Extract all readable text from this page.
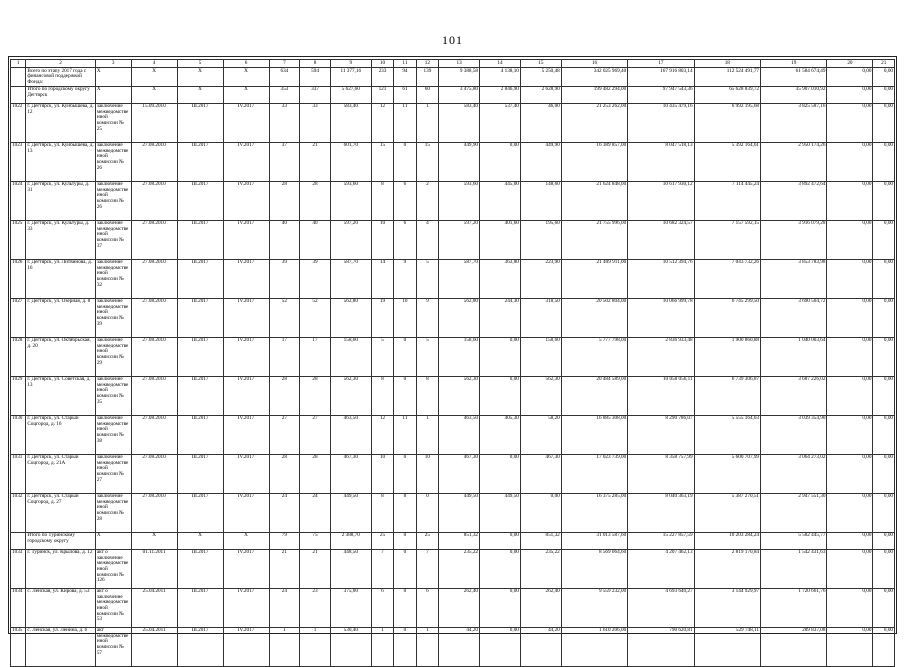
101
1	2	3	4	5	6	7	8	9	10	11	12	13	14	15	16	17	18	19	20	21
	Всего по этапу 2017 года с финансовой поддержкой Фонда:	X	X	X	X	634	594	11 377,16	233	94	139	9 388,58	4 138,10	5 250,48	342 025 969,40	167 916 803,14	112 524 491,77	61 584 674,49	0,00	0,00
	Итого по городскому округу Дегтярск	X	X	X	X	353	337	5 627,60	121	61	60	3 475,80	2 846,90	2 628,90	199 482 294,00	97 947 543,36	65 628 839,72	35 907 010,92	0,00	0,00
1022	г. Дегтярск, ул. Куйбышева, д. 12	заключение межведомственной комиссии № 25	15.09.2010	III.2017	IV.2017	33	33	583,40	12	11	1	583,40	537,40	46,00	21 253 262,00	10 435 479,16	6 992 195,68	3 825 587,16	0,00	0,00
1023	г. Дегтярск, ул. Куйбышева, д. 13	заключение межведомственной комиссии № 26	27.08.2010	III.2017	IV.2017	37	21	601,70	15	0	15	449,90	0,00	449,90	16 389 857,00	8 047 518,13	5 392 164,61	2 950 174,26	0,00	0,00
1024	г. Дегтярск, ул. Культуры, д. 31	заключение межведомственной комиссии № 26	27.08.2010	III.2017	IV.2017	28	28	593,60	8	6	2	593,60	445,00	148,60	21 624 848,00	10 617 930,12	7 114 445,24	3 892 472,64	0,00	0,00
1025	г. Дегтярск, ул. Культуры, д. 33	заключение межведомственной комиссии № 37	27.08.2010	III.2017	IV.2017	40	40	597,20	10	6	4	597,20	401,60	195,60	21 755 996,00	10 682 324,57	7 157 592,15	3 916 079,28	0,00	0,00
1026	г. Дегтярск, ул. Литвинова, д. 16	заключение межведомственной комиссии № 32	27.08.2010	III.2017	IV.2017	39	39	587,70	14	9	5	587,70	363,80	223,90	21 409 911,00	10 512 394,76	7 043 732,26	3 853 783,98	0,00	0,00
1027	г. Дегтярск, ул. Озерная, д. 8	заключение межведомственной комиссии № 39	27.08.2010	III.2017	IV.2017	52	52	562,80	19	10	9	562,80	244,30	318,50	20 502 804,00	10 066 999,78	6 745 299,50	3 690 504,72	0,00	0,00
1028	г. Дегтярск, ул. Октябрьская, д. 20	заключение межведомственной комиссии № 29	27.08.2010	III.2017	IV.2017	17	17	158,60	5	0	5	158,60	0,00	158,60	5 777 798,00	2 836 933,48	1 900 860,88	1 040 003,64	0,00	0,00
1029	г. Дегтярск, ул. Советская, д. 13	заключение межведомственной комиссии № 35	27.08.2010	III.2017	IV.2017	28	28	562,30	8	0	8	562,30	0,00	562,30	20 484 589,00	10 058 056,11	6 739 306,87	3 687 226,02	0,00	0,00
1030	г. Дегтярск, ул. Старый Соцгород, д. 16	заключение межведомственной комиссии № 38	27.08.2010	III.2017	IV.2017	27	27	463,50	12	11	1	463,50	405,30	58,20	16 885 308,00	8 290 786,07	5 555 164,03	3 039 354,90	0,00	0,00
1031	г. Дегтярск, ул. Старый Соцгород, д. 21А	заключение межведомственной комиссии № 27	27.08.2010	III.2017	IV.2017	28	28	467,30	10	0	10	467,30	0,00	467,30	17 023 739,00	8 358 757,99	5 600 707,99	3 064 273,02	0,00	0,00
1032	г. Дегтярск, ул. Старый Соцгород, д. 27	заключение межведомственной комиссии № 28	27.08.2010	III.2017	IV.2017	24	24	449,50	8	8	0	449,50	449,50	0,00	16 375 285,00	8 040 363,19	5 387 270,51	2 947 551,30	0,00	0,00
	Итого по Туринскому городскому округу	X	X	X	X	79	75	2 388,70	25	0	25	851,32	0,00	851,32	31 013 587,60	15 227 857,59	10 203 284,24	5 582 445,77	0,00	0,00
1033	г. Туринск, ул. Крылова, д. 12	акт о заключение межведомственной комиссии № 126	01.11.2011	III.2017	IV.2017	21	21	448,50	7	0	7	235,22	0,00	235,22	8 569 064,60	4 207 462,13	2 819 170,84	1 542 431,63	0,00	0,00
1034	с. Ленская, ул. Кирова, д. 53	акт о заключение межведомственной комиссии № 53	25.04.2011	III.2017	IV.2017	24	23	375,00	6	0	6	262,40	0,00	262,40	9 559 232,00	4 693 640,27	3 144 929,97	1 720 661,76	0,00	0,00
1035	с. Ленская, ул. Ленина, д. 6	акт межведомственной комиссии № 57	25.04.2011	III.2017	IV.2017	1	1	530,40	1	0	1	44,20	0,00	44,20	1 610 206,00	790 620,81	529 748,11	289 837,08	0,00	0,00
